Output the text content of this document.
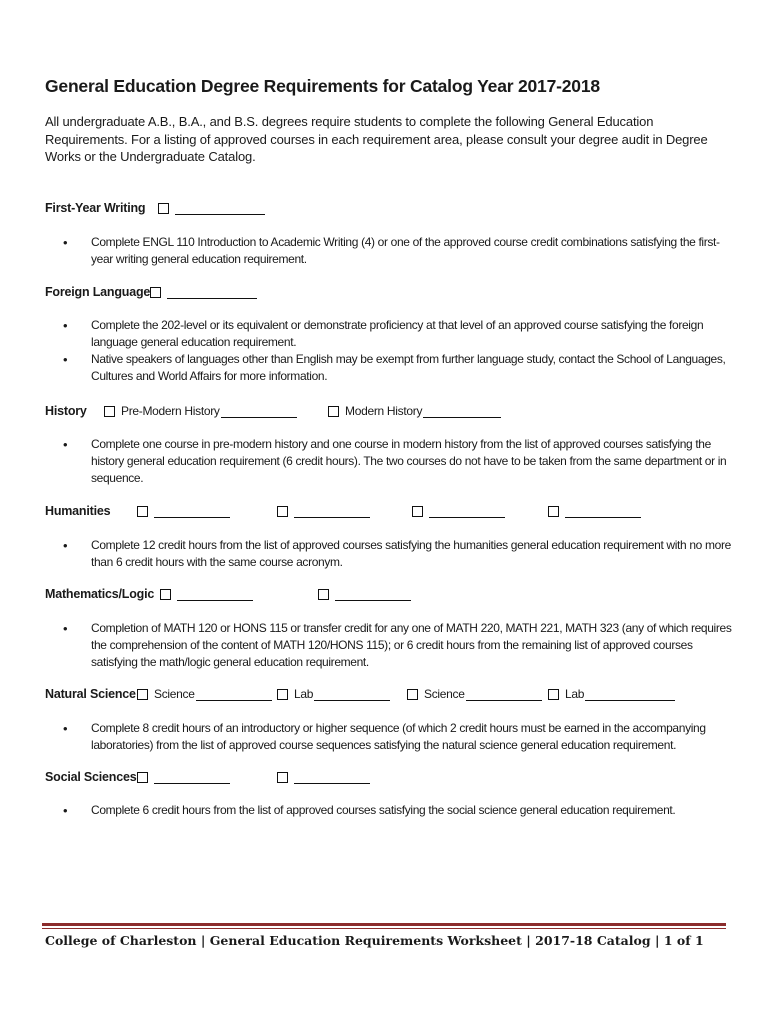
General Education Degree Requirements for Catalog Year 2017-2018
All undergraduate A.B., B.A., and B.S. degrees require students to complete the following General Education Requirements. For a listing of approved courses in each requirement area, please consult your degree audit in Degree Works or the Undergraduate Catalog.
First-Year Writing
• Complete ENGL 110 Introduction to Academic Writing (4) or one of the approved course credit combinations satisfying the first-year writing general education requirement.
Foreign Language
• Complete the 202-level or its equivalent or demonstrate proficiency at that level of an approved course satisfying the foreign language general education requirement.
• Native speakers of languages other than English may be exempt from further language study, contact the School of Languages, Cultures and World Affairs for more information.
History	Pre-Modern History	Modern History
• Complete one course in pre-modern history and one course in modern history from the list of approved courses satisfying the history general education requirement (6 credit hours). The two courses do not have to be taken from the same department or in sequence.
Humanities
• Complete 12 credit hours from the list of approved courses satisfying the humanities general education requirement with no more than 6 credit hours with the same course acronym.
Mathematics/Logic
• Completion of MATH 120 or HONS 115 or transfer credit for any one of MATH 220, MATH 221, MATH 323 (any of which requires the comprehension of the content of MATH 120/HONS 115); or 6 credit hours from the remaining list of approved courses satisfying the math/logic general education requirement.
Natural Science Science	Lab	Science	Lab
• Complete 8 credit hours of an introductory or higher sequence (of which 2 credit hours must be earned in the accompanying laboratories) from the list of approved course sequences satisfying the natural science general education requirement.
Social Sciences
• Complete 6 credit hours from the list of approved courses satisfying the social science general education requirement.
College of Charleston | General Education Requirements Worksheet | 2017-18 Catalog | 1 of 1
